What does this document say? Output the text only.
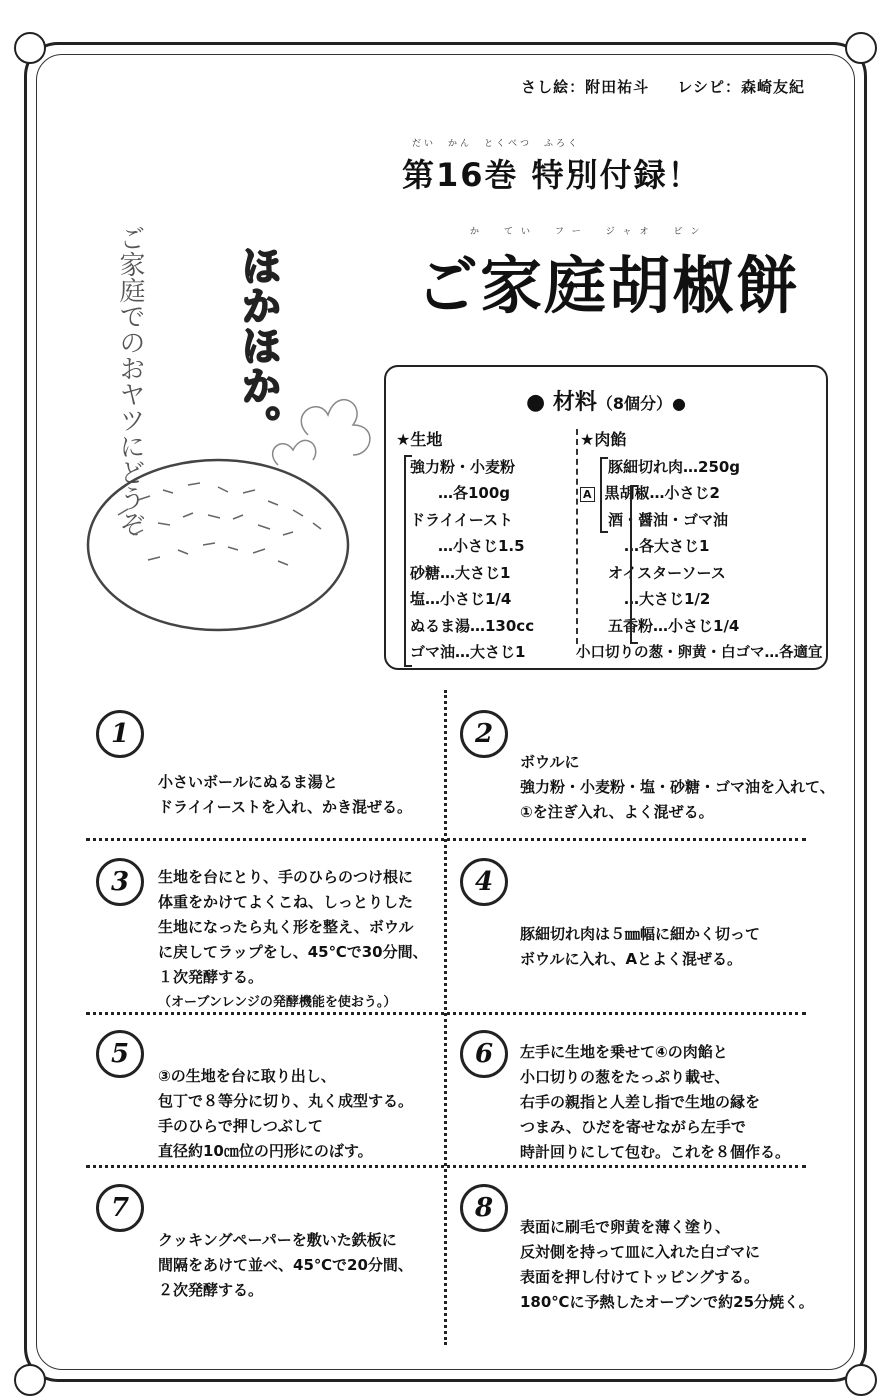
さし絵：附田祐斗 レシピ：森崎友紀
だい　かん　とくべつ　ふろく
第16巻 特別付録！
か　てい　フー　ジャオ　ビン
ご家庭胡椒餅
ほかほか。
ご家庭でのおヤツにどうぞ	● 材料（8個分）●
★生地
強力粉・小麦粉
…各100g
ドライイースト
…小さじ1.5
砂糖…大さじ1
塩…小さじ1/4
ぬるま湯…130cc
ゴマ油…大さじ1
★肉餡
豚細切れ肉…250g
A 黒胡椒…小さじ2
酒・醤油・ゴマ油
…各大さじ1
オイスターソース
…大さじ1/2
五香粉…小さじ1/4
小口切りの葱・卵黄・白ゴマ…各適宜
1
小さいボールにぬるま湯と
ドライイーストを入れ、かき混ぜる。
2
ボウルに
強力粉・小麦粉・塩・砂糖・ゴマ油を入れて、
①を注ぎ入れ、よく混ぜる。
3	生地を台にとり、手のひらのつけ根に
体重をかけてよくこね、しっとりした
生地になったら丸く形を整え、ボウル
に戻してラップをし、45℃で30分間、
１次発酵する。
（オーブンレンジの発酵機能を使おう。）
4
豚細切れ肉は５㎜幅に細かく切って
ボウルに入れ、Aとよく混ぜる。
5
③の生地を台に取り出し、
包丁で８等分に切り、丸く成型する。
手のひらで押しつぶして
直径約10㎝位の円形にのばす。
6	左手に生地を乗せて④の肉餡と
小口切りの葱をたっぷり載せ、
右手の親指と人差し指で生地の縁を
つまみ、ひだを寄せながら左手で
時計回りにして包む。これを８個作る。
7
クッキングペーパーを敷いた鉄板に
間隔をあけて並べ、45℃で20分間、
２次発酵する。
8
表面に刷毛で卵黄を薄く塗り、
反対側を持って皿に入れた白ゴマに
表面を押し付けてトッピングする。
180℃に予熱したオーブンで約25分焼く。
